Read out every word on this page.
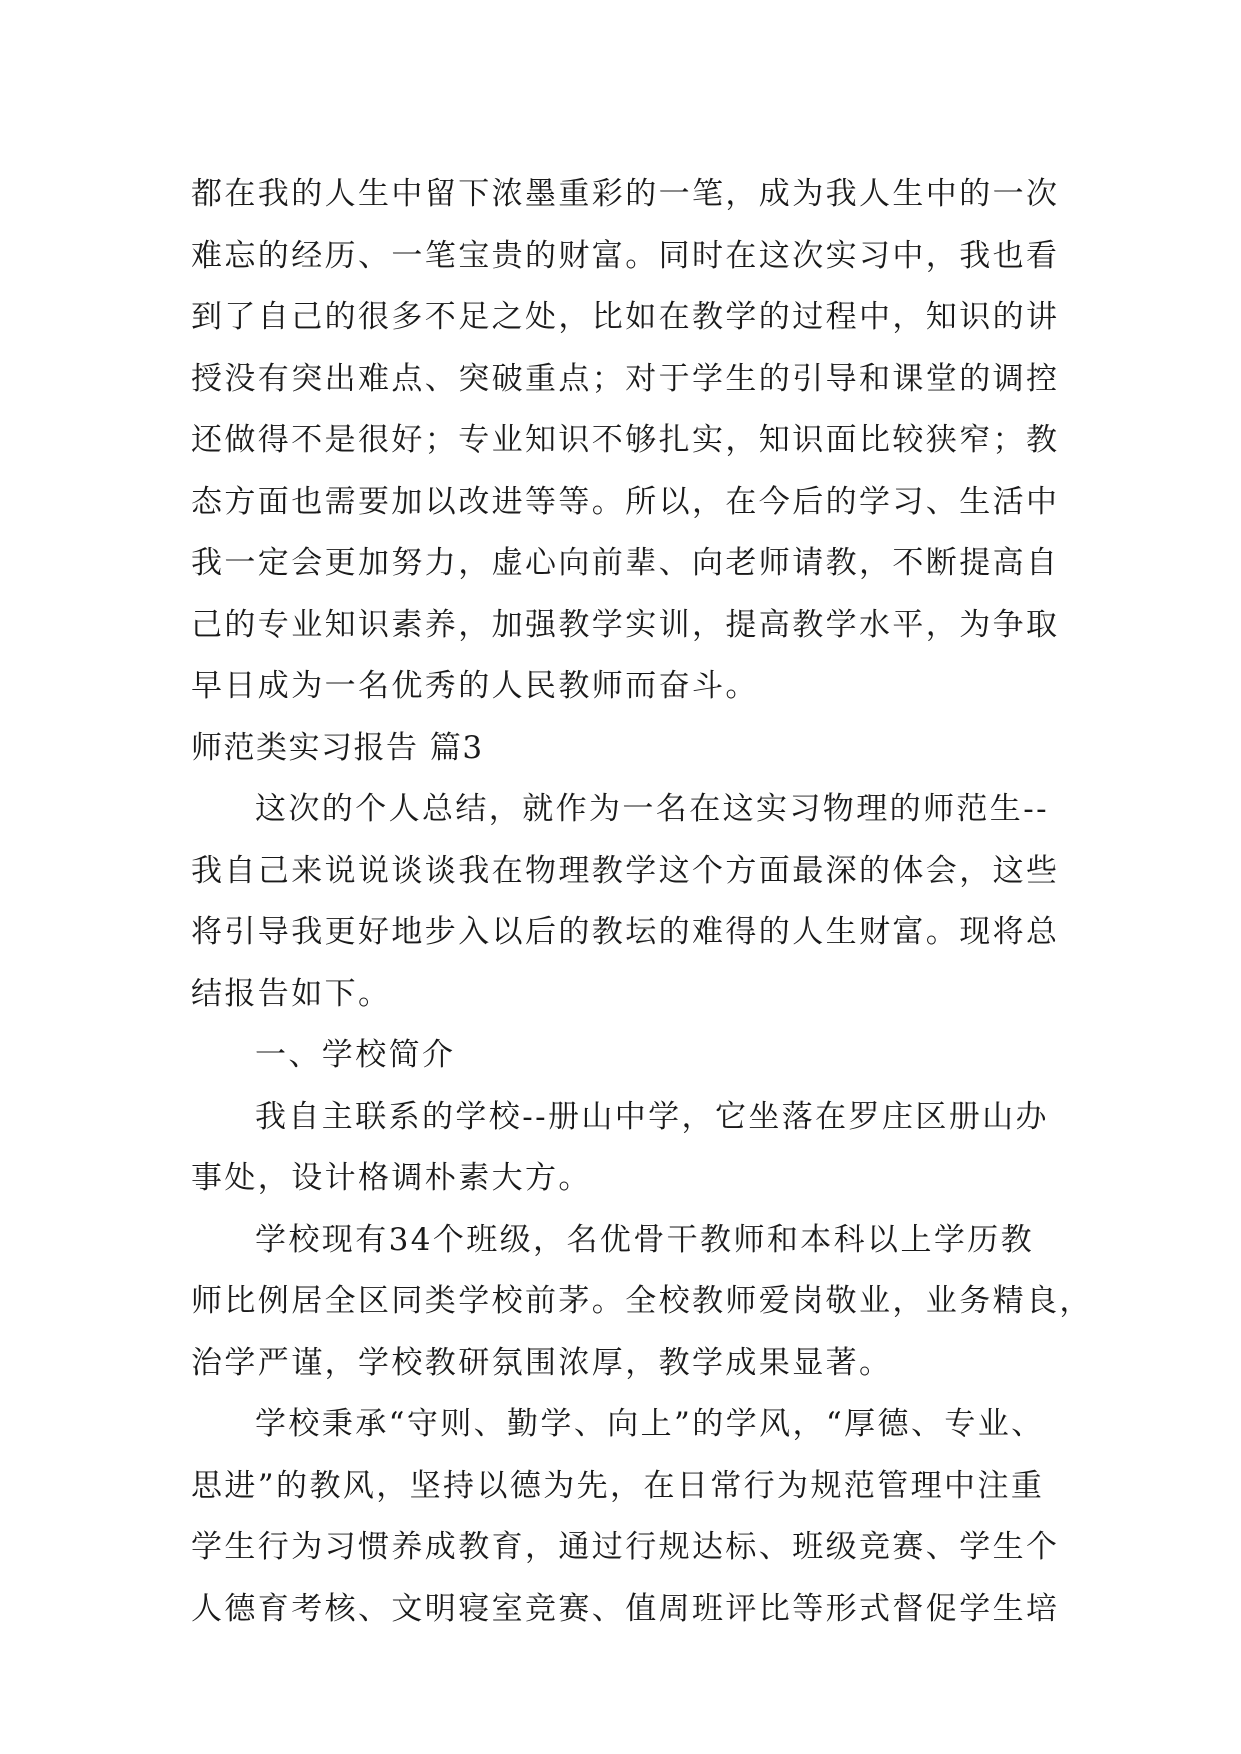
都在我的人生中留下浓墨重彩的一笔，成为我人生中的一次
难忘的经历、一笔宝贵的财富。同时在这次实习中，我也看
到了自己的很多不足之处，比如在教学的过程中，知识的讲
授没有突出难点、突破重点；对于学生的引导和课堂的调控
还做得不是很好；专业知识不够扎实，知识面比较狭窄；教
态方面也需要加以改进等等。所以，在今后的学习、生活中
我一定会更加努力，虚心向前辈、向老师请教，不断提高自
己的专业知识素养，加强教学实训，提高教学水平，为争取
早日成为一名优秀的人民教师而奋斗。
师范类实习报告 篇3
这次的个人总结，就作为一名在这实习物理的师范生--
我自己来说说谈谈我在物理教学这个方面最深的体会，这些
将引导我更好地步入以后的教坛的难得的人生财富。现将总
结报告如下。
一、学校简介
我自主联系的学校--册山中学，它坐落在罗庄区册山办
事处，设计格调朴素大方。
学校现有34个班级，名优骨干教师和本科以上学历教
师比例居全区同类学校前茅。全校教师爱岗敬业，业务精良，
治学严谨，学校教研氛围浓厚，教学成果显著。
学校秉承“守则、勤学、向上”的学风，“厚德、专业、
思进”的教风，坚持以德为先，在日常行为规范管理中注重
学生行为习惯养成教育，通过行规达标、班级竞赛、学生个
人德育考核、文明寝室竞赛、值周班评比等形式督促学生培
